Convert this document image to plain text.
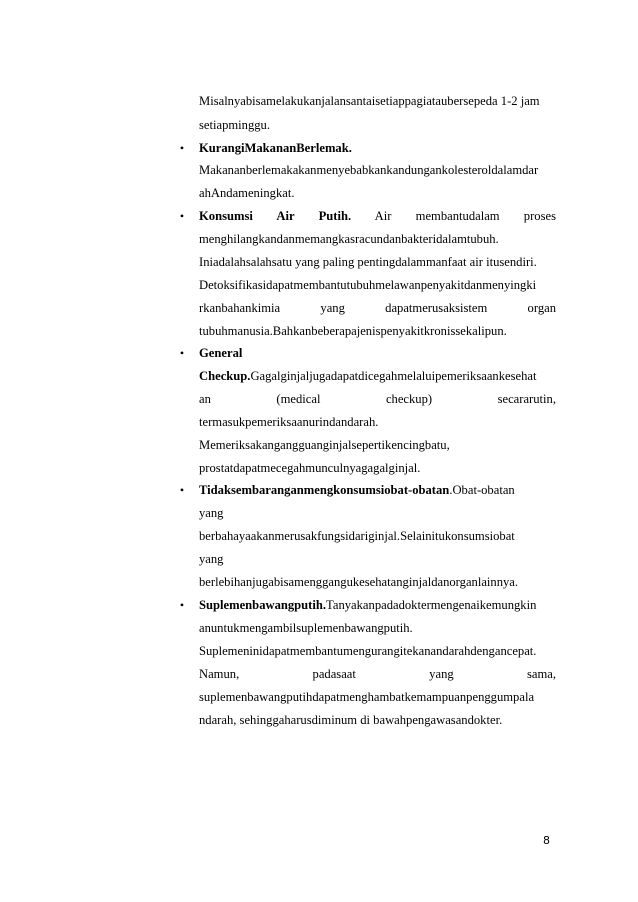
Misalnyabisamelakukanjalansantaisetiappagiataubersepeda 1-2 jam
setiapminggu.
• KurangiMakananBerlemak.
Makananberlemakakanmenyebabkankandungankolesteroldalamdar
ahAndameningkat.
• Konsumsi Air Putih. Air membantudalam proses
menghilangkandanmemangkasracundanbakteridalamtubuh.
Iniadalahsalahsatu yang paling pentingdalammanfaat air itusendiri.
Detoksifikasidapatmembantutubuhmelawanpenyakitdanmenyingki
rkanbahankimia yang dapatmerusaksistem organ
tubuhmanusia.Bahkanbeberapajenispenyakitkronissekalipun.
• General
Checkup.Gagalginjaljugadapatdicegahmelaluipemeriksaankesehat
an (medical checkup) secararutin,
termasukpemeriksaanurindandarah.
Memeriksakangangguanginjalsepertikencingbatu,
prostatdapatmecegahmunculnyagagalginjal.
• Tidaksembaranganmengkonsumsiobat-obatan.Obat-obatan
yang
berbahayaakanmerusakfungsidariginjal.Selainitukonsumsiobat
yang
berlebihanjugabisamenggangukesehatanginjaldanorganlainnya.
• Suplemenbawangputih.Tanyakanpadadoktermengenaikemungkin
anuntukmengambilsuplemenbawangputih.
Suplemeninidapatmembantumengurangitekanandarahdengancepat.
Namun, padasaat yang sama,
suplemenbawangputihdapatmenghambatkemampuanpenggumpala
ndarah, sehinggaharusdiminum di bawahpengawasandokter.
8
